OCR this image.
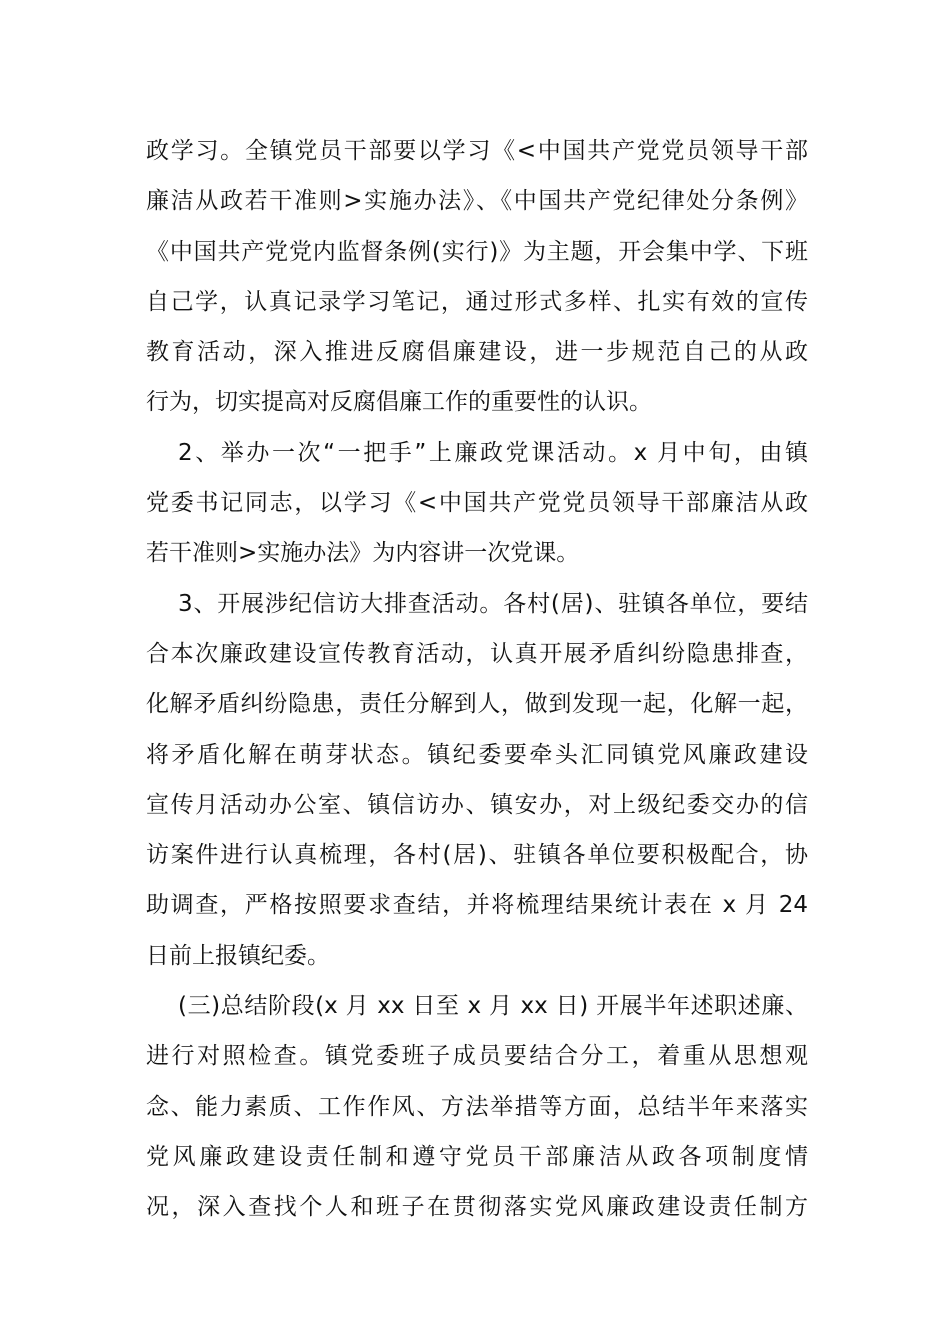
政学习。全镇党员干部要以学习《<中国共产党党员领导干部
廉洁从政若干准则>实施办法》、《中国共产党纪律处分条例》
《中国共产党党内监督条例(实行)》为主题，开会集中学、下班
自己学，认真记录学习笔记，通过形式多样、扎实有效的宣传
教育活动，深入推进反腐倡廉建设，进一步规范自己的从政
行为，切实提高对反腐倡廉工作的重要性的认识。
2、举办一次“一把手”上廉政党课活动。x 月中旬，由镇
党委书记同志，以学习《<中国共产党党员领导干部廉洁从政
若干准则>实施办法》为内容讲一次党课。
3、开展涉纪信访大排查活动。各村(居)、驻镇各单位，要结
合本次廉政建设宣传教育活动，认真开展矛盾纠纷隐患排查，
化解矛盾纠纷隐患，责任分解到人，做到发现一起，化解一起，
将矛盾化解在萌芽状态。镇纪委要牵头汇同镇党风廉政建设
宣传月活动办公室、镇信访办、镇安办，对上级纪委交办的信
访案件进行认真梳理，各村(居)、驻镇各单位要积极配合，协
助调查，严格按照要求查结，并将梳理结果统计表在 x 月 24
日前上报镇纪委。
(三)总结阶段(x 月 xx 日至 x 月 xx 日) 开展半年述职述廉、
进行对照检查。镇党委班子成员要结合分工，着重从思想观
念、能力素质、工作作风、方法举措等方面，总结半年来落实
党风廉政建设责任制和遵守党员干部廉洁从政各项制度情
况，深入查找个人和班子在贯彻落实党风廉政建设责任制方
